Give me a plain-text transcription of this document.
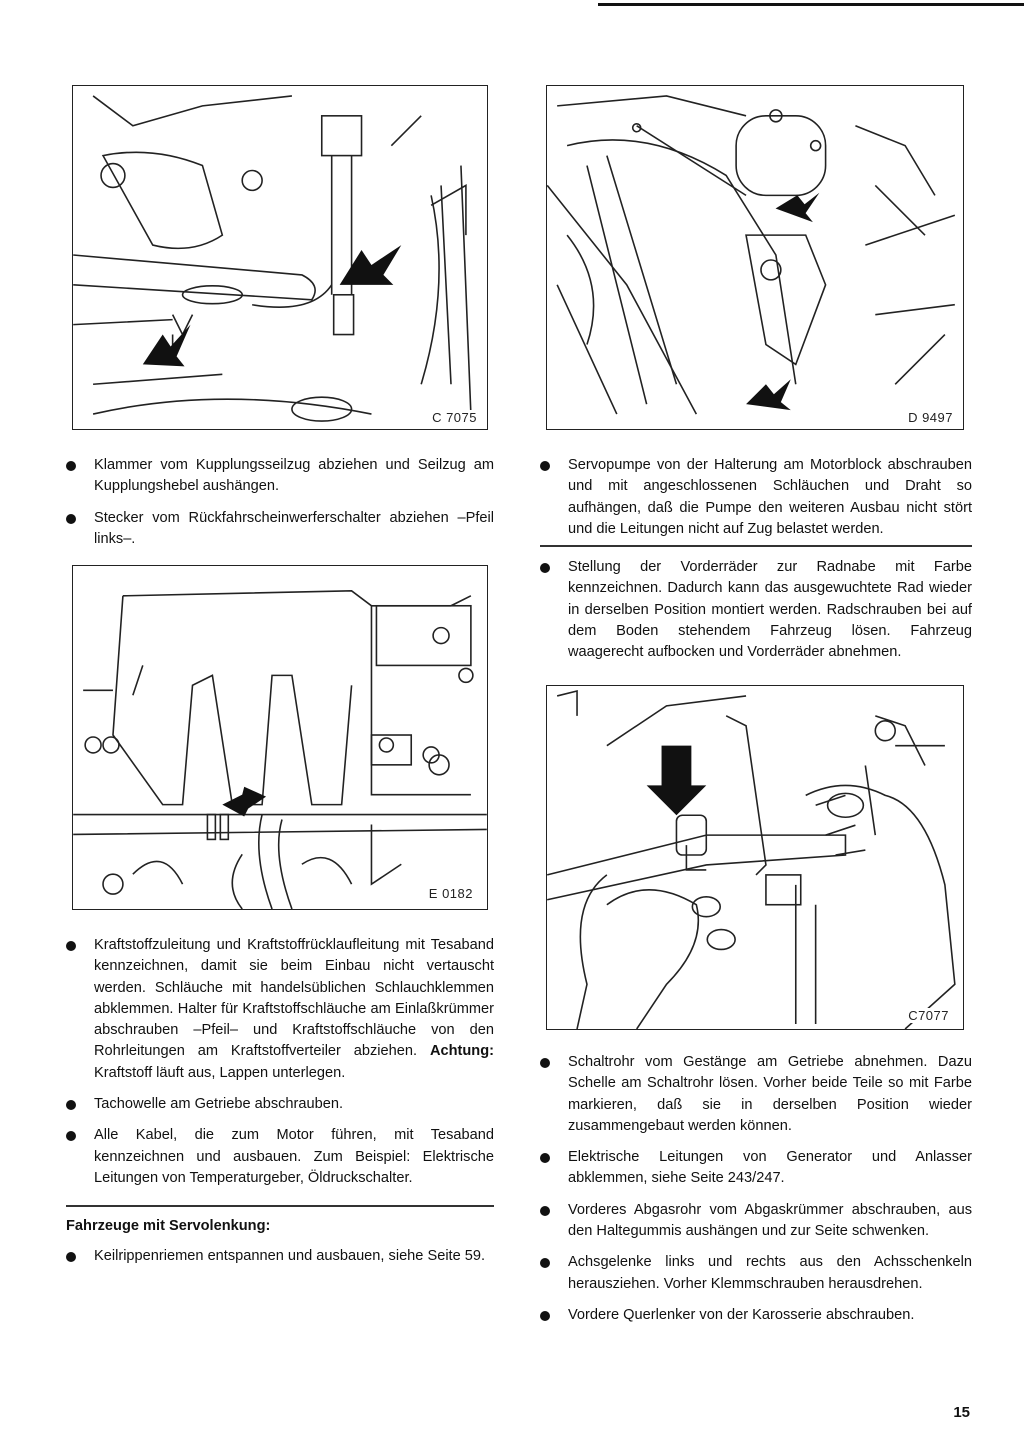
C 7075	D 9497

Klammer vom Kupplungsseilzug abziehen und Seilzug am Kupplungshebel aushängen.

Stecker vom Rückfahrscheinwerferschalter abziehen –Pfeil links–.

Servopumpe von der Halterung am Motorblock abschrauben und mit angeschlossenen Schläuchen und Draht so aufhängen, daß die Pumpe den weiteren Ausbau nicht stört und die Leitungen nicht auf Zug belastet werden.

E 0182

Stellung der Vorderräder zur Radnabe mit Farbe kennzeichnen. Dadurch kann das ausgewuchtete Rad wieder in derselben Position montiert werden. Radschrauben bei auf dem Boden stehendem Fahrzeug lösen. Fahrzeug waagerecht aufbocken und Vorderräder abnehmen.

C7077

Kraftstoffzuleitung und Kraftstoffrücklaufleitung mit Tesaband kennzeichnen, damit sie beim Einbau nicht vertauscht werden. Schläuche mit handelsüblichen Schlauchklemmen abklemmen. Halter für Kraftstoffschläuche am Einlaßkrümmer abschrauben –Pfeil– und Kraftstoffschläuche von den Rohrleitungen am Kraftstoffverteiler abziehen. Achtung: Kraftstoff läuft aus, Lappen unterlegen.

Tachowelle am Getriebe abschrauben.

Alle Kabel, die zum Motor führen, mit Tesaband kennzeichnen und ausbauen. Zum Beispiel: Elektrische Leitungen von Temperaturgeber, Öldruckschalter.

Fahrzeuge mit Servolenkung:

Keilrippenriemen entspannen und ausbauen, siehe Seite 59.

Schaltrohr vom Gestänge am Getriebe abnehmen. Dazu Schelle am Schaltrohr lösen. Vorher beide Teile so mit Farbe markieren, daß sie in derselben Position wieder zusammengebaut werden können.

Elektrische Leitungen von Generator und Anlasser abklemmen, siehe Seite 243/247.

Vorderes Abgasrohr vom Abgaskrümmer abschrauben, aus den Haltegummis aushängen und zur Seite schwenken.

Achsgelenke links und rechts aus den Achsschenkeln herausziehen. Vorher Klemmschrauben herausdrehen.

Vordere Querlenker von der Karosserie abschrauben.

15
